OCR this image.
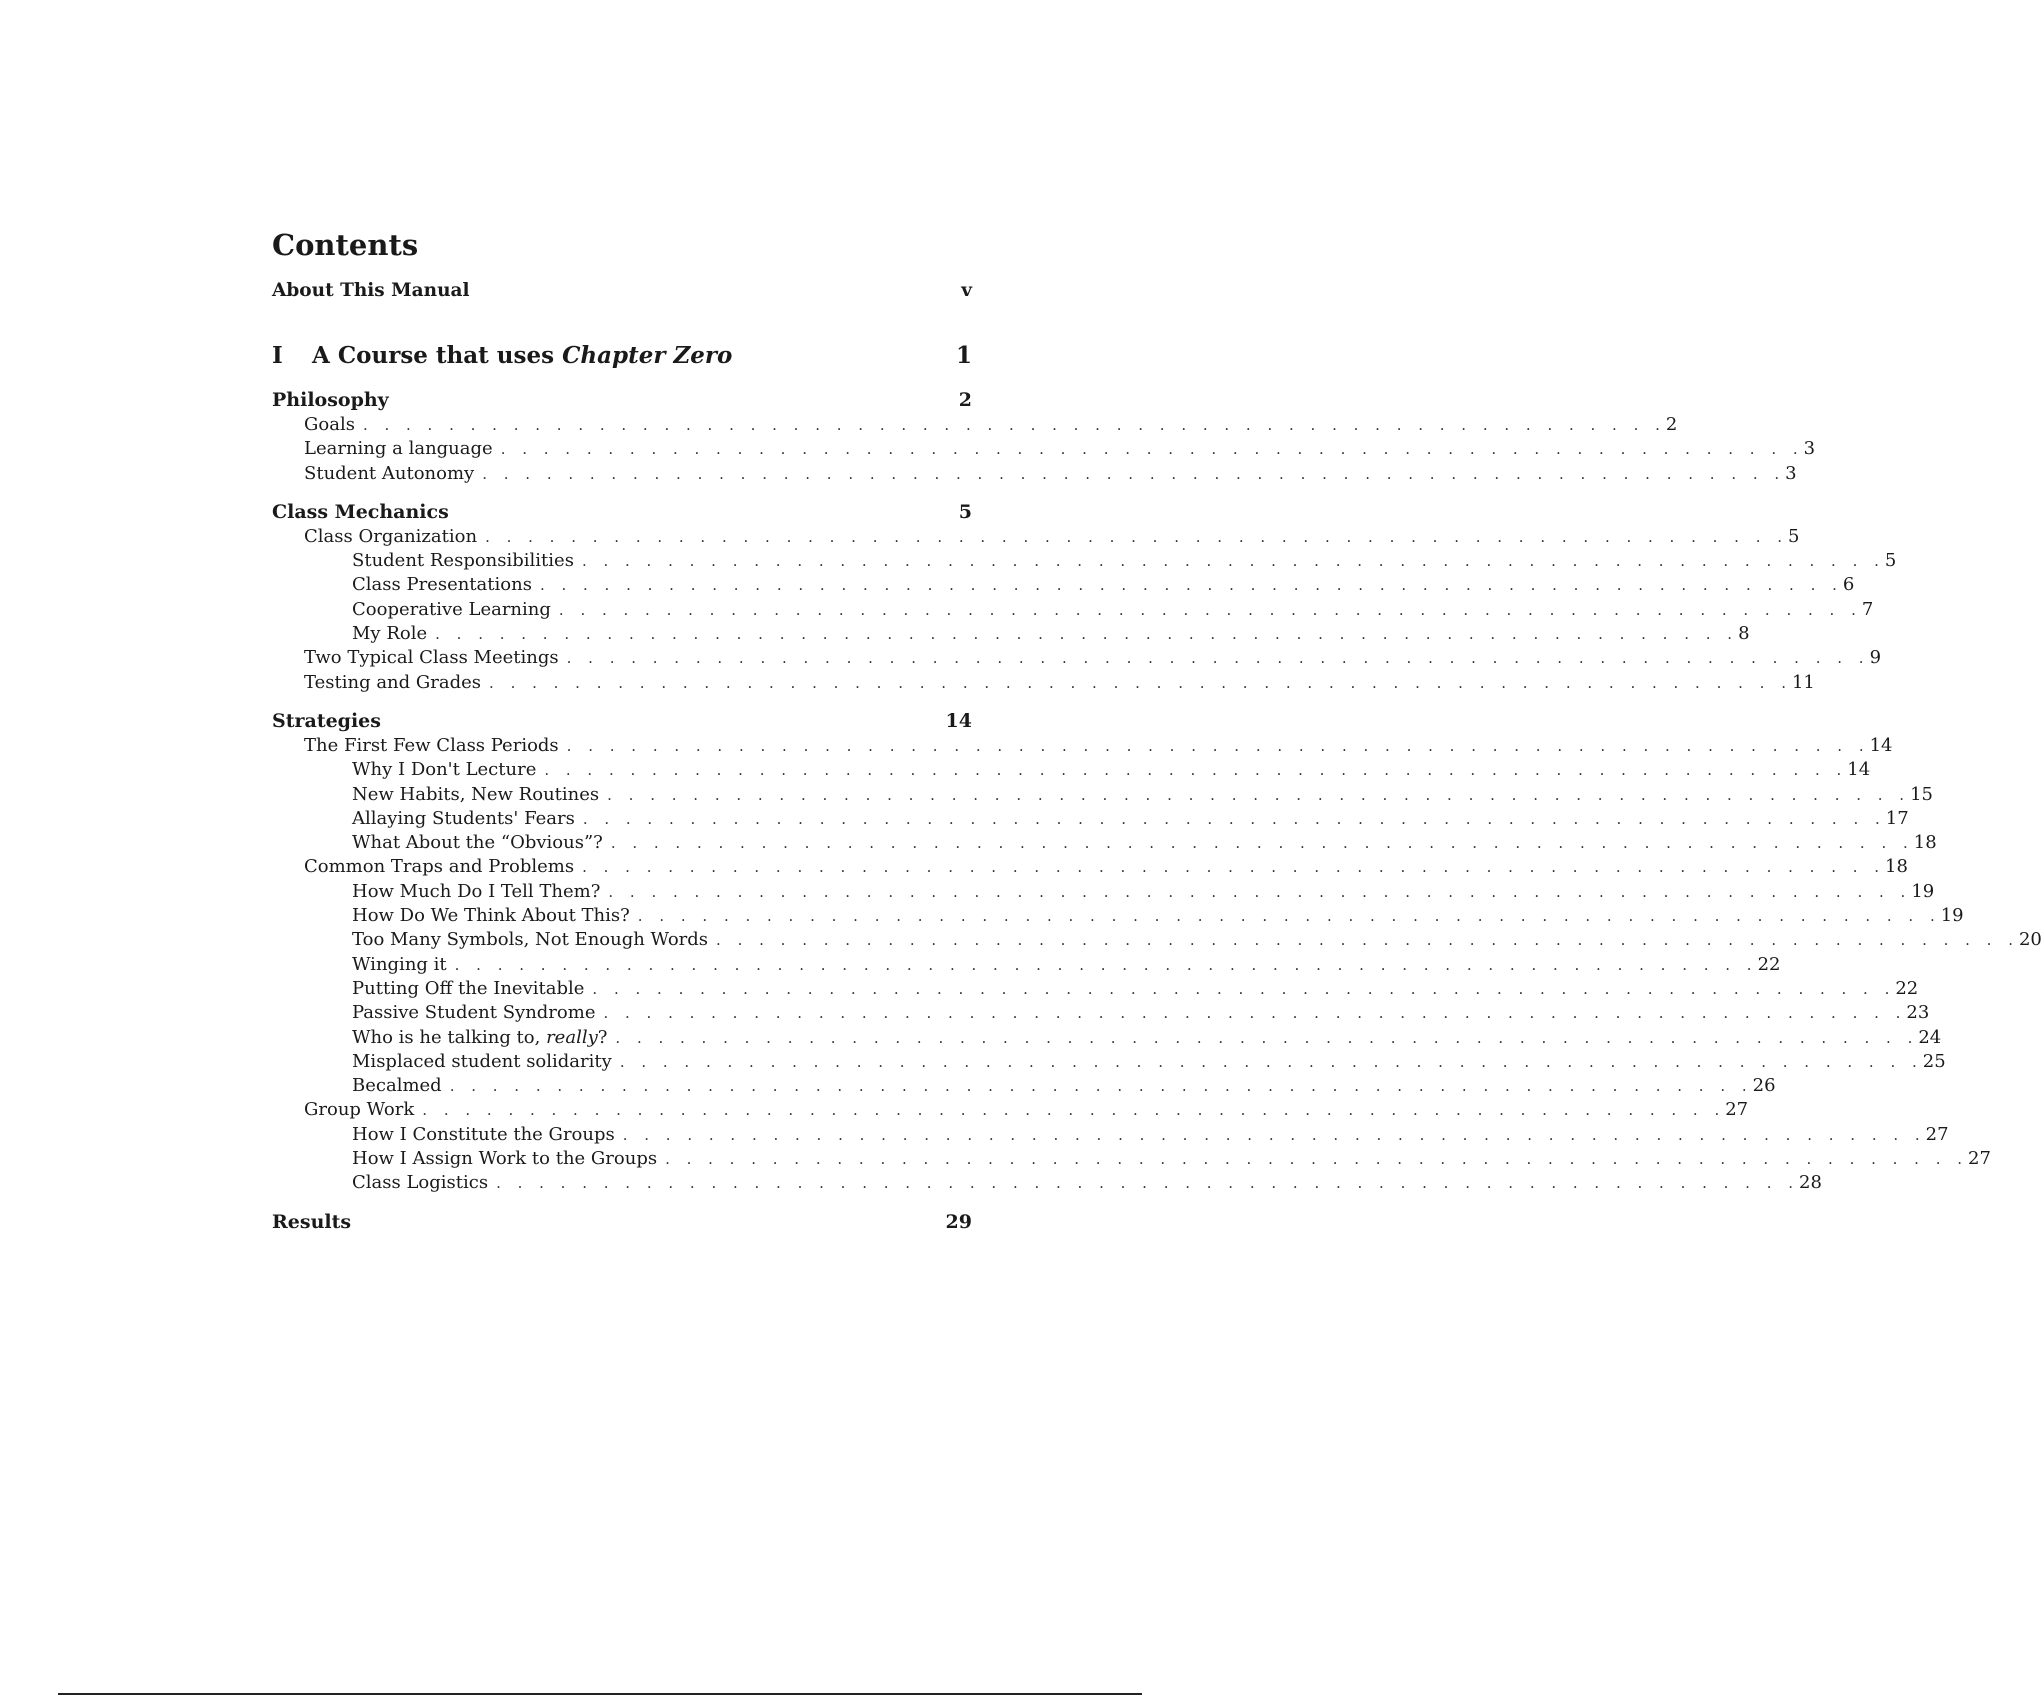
Contents
About This Manual	v
I	A Course that uses Chapter Zero	1
Philosophy	2
Goals . . . . . . . . . . . . . . . . . . . . . . . . . . . . . . . . . . . . . . . . . . . . . . . . . . . . . . . . . . . . . 2
Learning a language . . . . . . . . . . . . . . . . . . . . . . . . . . . . . . . . . . . . . . . . . . . . . . . . . . . . . . . . . . . . . 3
Student Autonomy . . . . . . . . . . . . . . . . . . . . . . . . . . . . . . . . . . . . . . . . . . . . . . . . . . . . . . . . . . . . . 3
Class Mechanics	5
Class Organization . . . . . . . . . . . . . . . . . . . . . . . . . . . . . . . . . . . . . . . . . . . . . . . . . . . . . . . . . . . . . 5
Student Responsibilities . . . . . . . . . . . . . . . . . . . . . . . . . . . . . . . . . . . . . . . . . . . . . . . . . . . . . . . . . . . . . 5
Class Presentations . . . . . . . . . . . . . . . . . . . . . . . . . . . . . . . . . . . . . . . . . . . . . . . . . . . . . . . . . . . . . 6
Cooperative Learning . . . . . . . . . . . . . . . . . . . . . . . . . . . . . . . . . . . . . . . . . . . . . . . . . . . . . . . . . . . . . 7
My Role . . . . . . . . . . . . . . . . . . . . . . . . . . . . . . . . . . . . . . . . . . . . . . . . . . . . . . . . . . . . . 8
Two Typical Class Meetings . . . . . . . . . . . . . . . . . . . . . . . . . . . . . . . . . . . . . . . . . . . . . . . . . . . . . . . . . . . . . 9
Testing and Grades . . . . . . . . . . . . . . . . . . . . . . . . . . . . . . . . . . . . . . . . . . . . . . . . . . . . . . . . . . . . . 11
Strategies	14
The First Few Class Periods . . . . . . . . . . . . . . . . . . . . . . . . . . . . . . . . . . . . . . . . . . . . . . . . . . . . . . . . . . . . . 14
Why I Don't Lecture . . . . . . . . . . . . . . . . . . . . . . . . . . . . . . . . . . . . . . . . . . . . . . . . . . . . . . . . . . . . . 14
New Habits, New Routines . . . . . . . . . . . . . . . . . . . . . . . . . . . . . . . . . . . . . . . . . . . . . . . . . . . . . . . . . . . . . 15
Allaying Students' Fears . . . . . . . . . . . . . . . . . . . . . . . . . . . . . . . . . . . . . . . . . . . . . . . . . . . . . . . . . . . . . 17
What About the “Obvious”? . . . . . . . . . . . . . . . . . . . . . . . . . . . . . . . . . . . . . . . . . . . . . . . . . . . . . . . . . . . . . 18
Common Traps and Problems . . . . . . . . . . . . . . . . . . . . . . . . . . . . . . . . . . . . . . . . . . . . . . . . . . . . . . . . . . . . . 18
How Much Do I Tell Them? . . . . . . . . . . . . . . . . . . . . . . . . . . . . . . . . . . . . . . . . . . . . . . . . . . . . . . . . . . . . . 19
How Do We Think About This? . . . . . . . . . . . . . . . . . . . . . . . . . . . . . . . . . . . . . . . . . . . . . . . . . . . . . . . . . . . . . 19
Too Many Symbols, Not Enough Words . . . . . . . . . . . . . . . . . . . . . . . . . . . . . . . . . . . . . . . . . . . . . . . . . . . . . . . . . . . . . 20
Winging it . . . . . . . . . . . . . . . . . . . . . . . . . . . . . . . . . . . . . . . . . . . . . . . . . . . . . . . . . . . . . 22
Putting Off the Inevitable . . . . . . . . . . . . . . . . . . . . . . . . . . . . . . . . . . . . . . . . . . . . . . . . . . . . . . . . . . . . . 22
Passive Student Syndrome . . . . . . . . . . . . . . . . . . . . . . . . . . . . . . . . . . . . . . . . . . . . . . . . . . . . . . . . . . . . . 23
Who is he talking to, really? . . . . . . . . . . . . . . . . . . . . . . . . . . . . . . . . . . . . . . . . . . . . . . . . . . . . . . . . . . . . . 24
Misplaced student solidarity . . . . . . . . . . . . . . . . . . . . . . . . . . . . . . . . . . . . . . . . . . . . . . . . . . . . . . . . . . . . . 25
Becalmed . . . . . . . . . . . . . . . . . . . . . . . . . . . . . . . . . . . . . . . . . . . . . . . . . . . . . . . . . . . . . 26
Group Work . . . . . . . . . . . . . . . . . . . . . . . . . . . . . . . . . . . . . . . . . . . . . . . . . . . . . . . . . . . . . 27
How I Constitute the Groups . . . . . . . . . . . . . . . . . . . . . . . . . . . . . . . . . . . . . . . . . . . . . . . . . . . . . . . . . . . . . 27
How I Assign Work to the Groups . . . . . . . . . . . . . . . . . . . . . . . . . . . . . . . . . . . . . . . . . . . . . . . . . . . . . . . . . . . . . 27
Class Logistics . . . . . . . . . . . . . . . . . . . . . . . . . . . . . . . . . . . . . . . . . . . . . . . . . . . . . . . . . . . . . 28
Results	29
